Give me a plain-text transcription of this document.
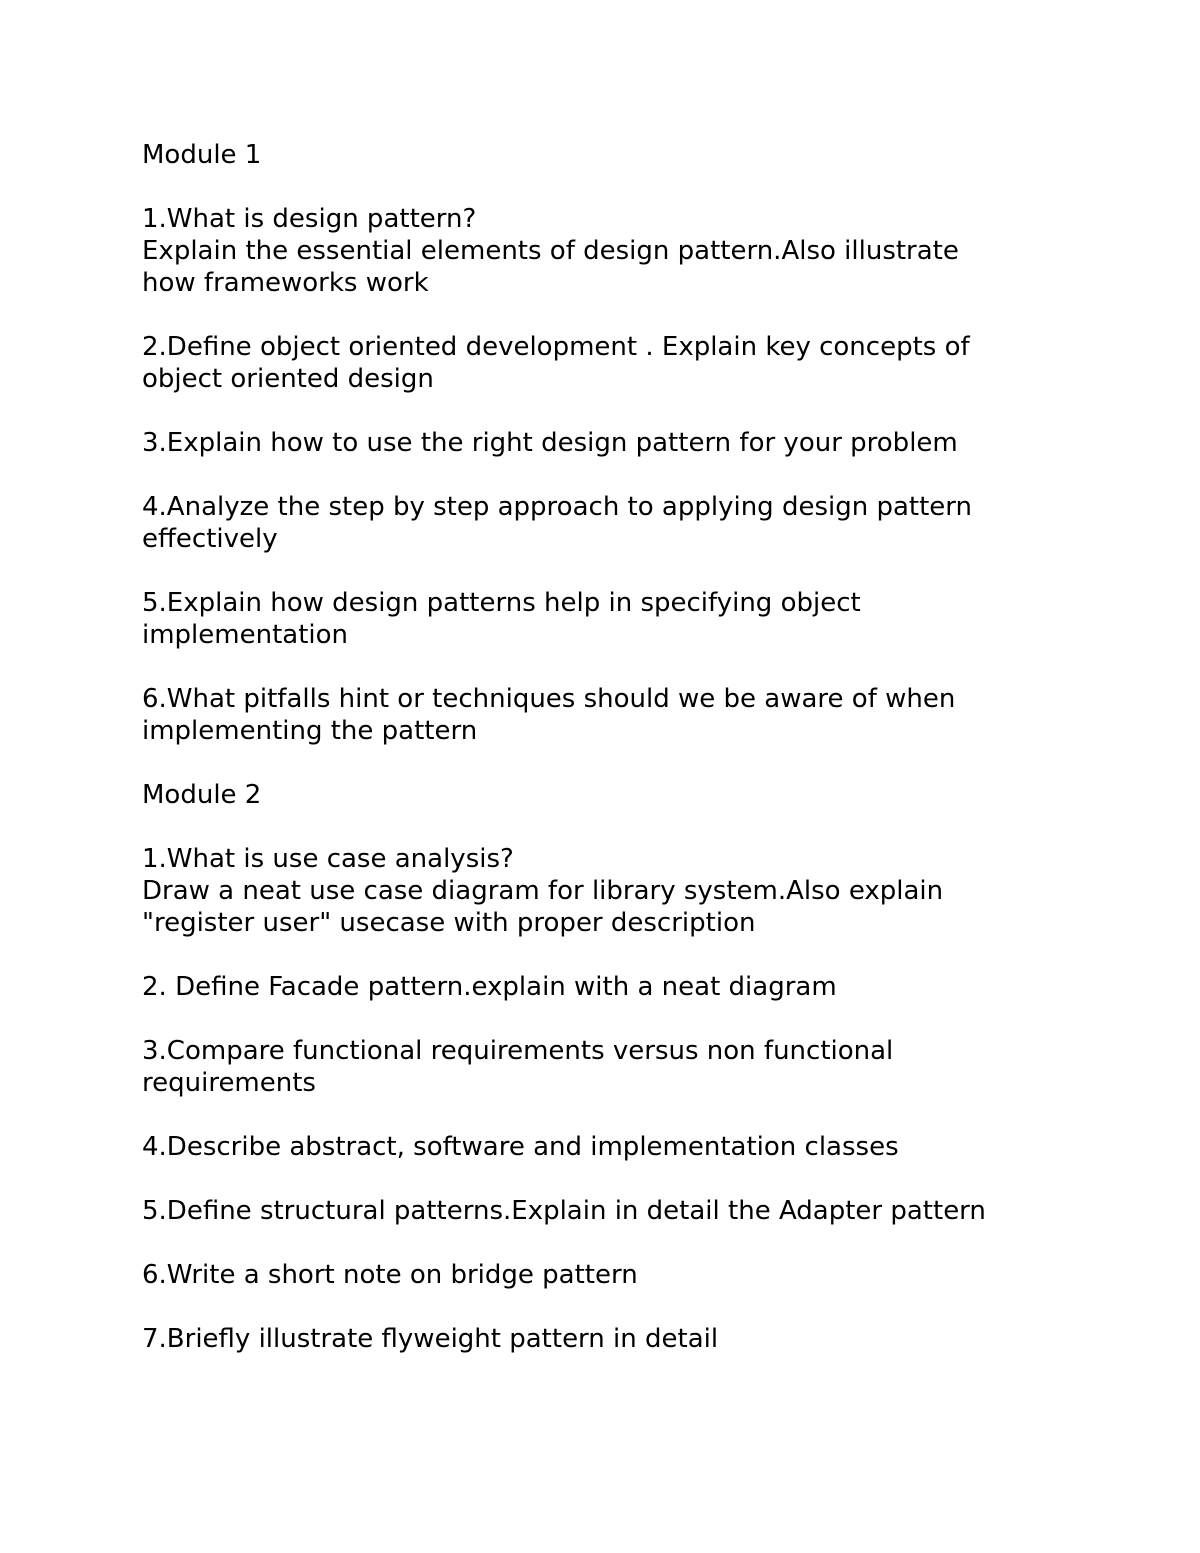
Module 1
1.What is design pattern?
Explain the essential elements of design pattern.Also illustrate
how frameworks work
2.Define object oriented development . Explain key concepts of
object oriented design
3.Explain how to use the right design pattern for your problem
4.Analyze the step by step approach to applying design pattern
effectively
5.Explain how design patterns help in specifying object
implementation
6.What pitfalls hint or techniques should we be aware of when
implementing the pattern
Module 2
1.What is use case analysis?
Draw a neat use case diagram for library system.Also explain
"register user" usecase with proper description
2. Define Facade pattern.explain with a neat diagram
3.Compare functional requirements versus non functional
requirements
4.Describe abstract, software and implementation classes
5.Define structural patterns.Explain in detail the Adapter pattern
6.Write a short note on bridge pattern
7.Briefly illustrate flyweight pattern in detail
